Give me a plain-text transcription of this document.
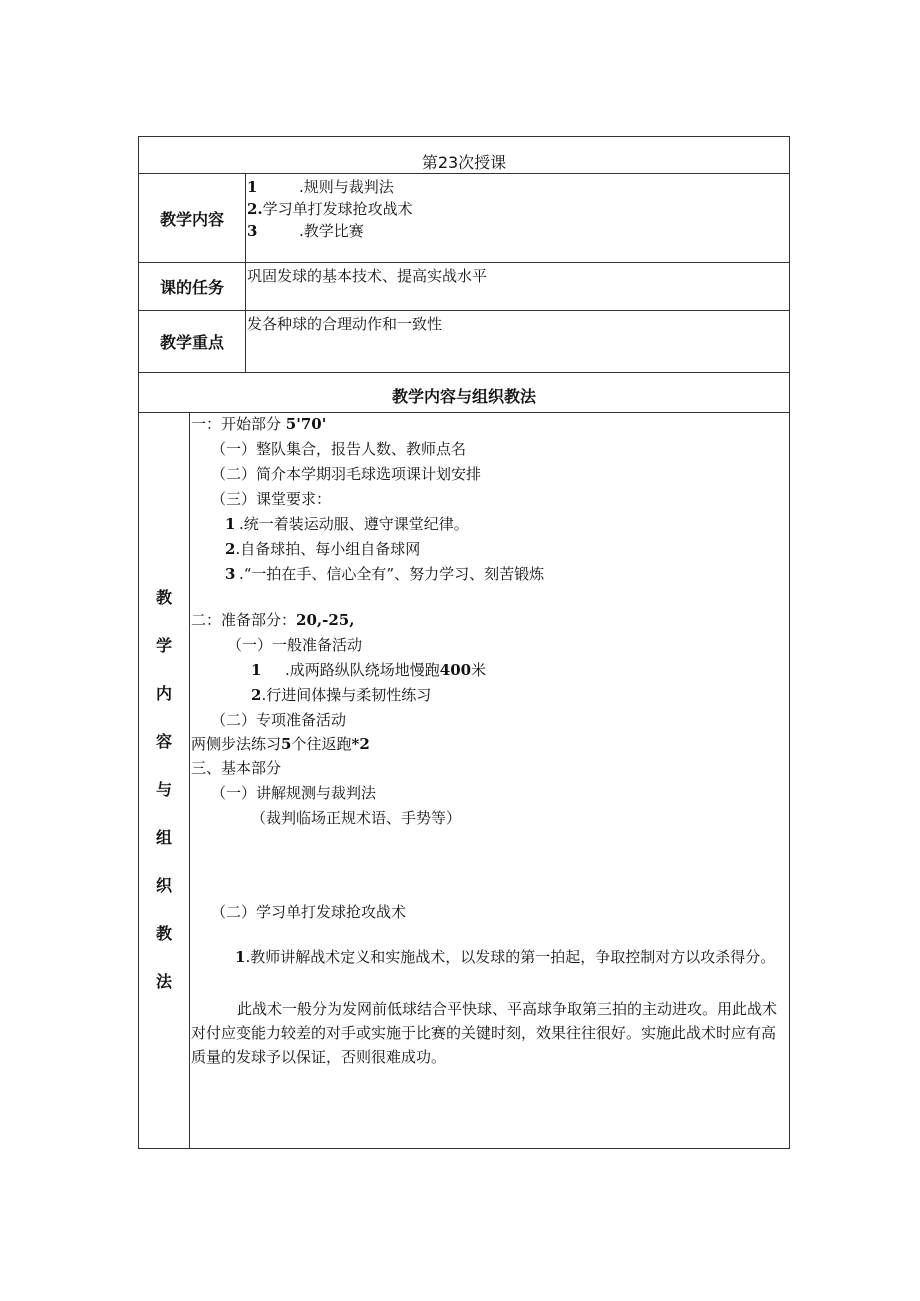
第23次授课
教学内容
1	.规则与裁判法
2.学习单打发球抢攻战术
3	.教学比赛
课的任务
巩固发球的基本技术、提高实战水平
教学重点
发各种球的合理动作和一致性
教学内容与组织教法
教
学
内
容
与
组
织
教
法
一：开始部分 5'70'
（一）整队集合，报告人数、教师点名
（二）简介本学期羽毛球选项课计划安排
（三）课堂要求：
1 .统一着装运动服、遵守课堂纪律。
2.自备球拍、每小组自备球网
3 .“一拍在手、信心全有”、努力学习、刻苦锻炼
二：准备部分：20,-25,
（一）一般准备活动
1 .成两路纵队绕场地慢跑400米
2.行进间体操与柔韧性练习
（二）专项准备活动
两侧步法练习5个往返跑*2
三、基本部分
（一）讲解规测与裁判法
（裁判临场正规术语、手势等）
（二）学习单打发球抢攻战术
1.教师讲解战术定义和实施战术，以发球的第一拍起，争取控制对方以攻杀得分。
此战术一般分为发网前低球结合平快球、平高球争取第三拍的主动进攻。用此战术对付应变能力较差的对手或实施于比赛的关键时刻，效果往往很好。实施此战术时应有高质量的发球予以保证，否则很难成功。
